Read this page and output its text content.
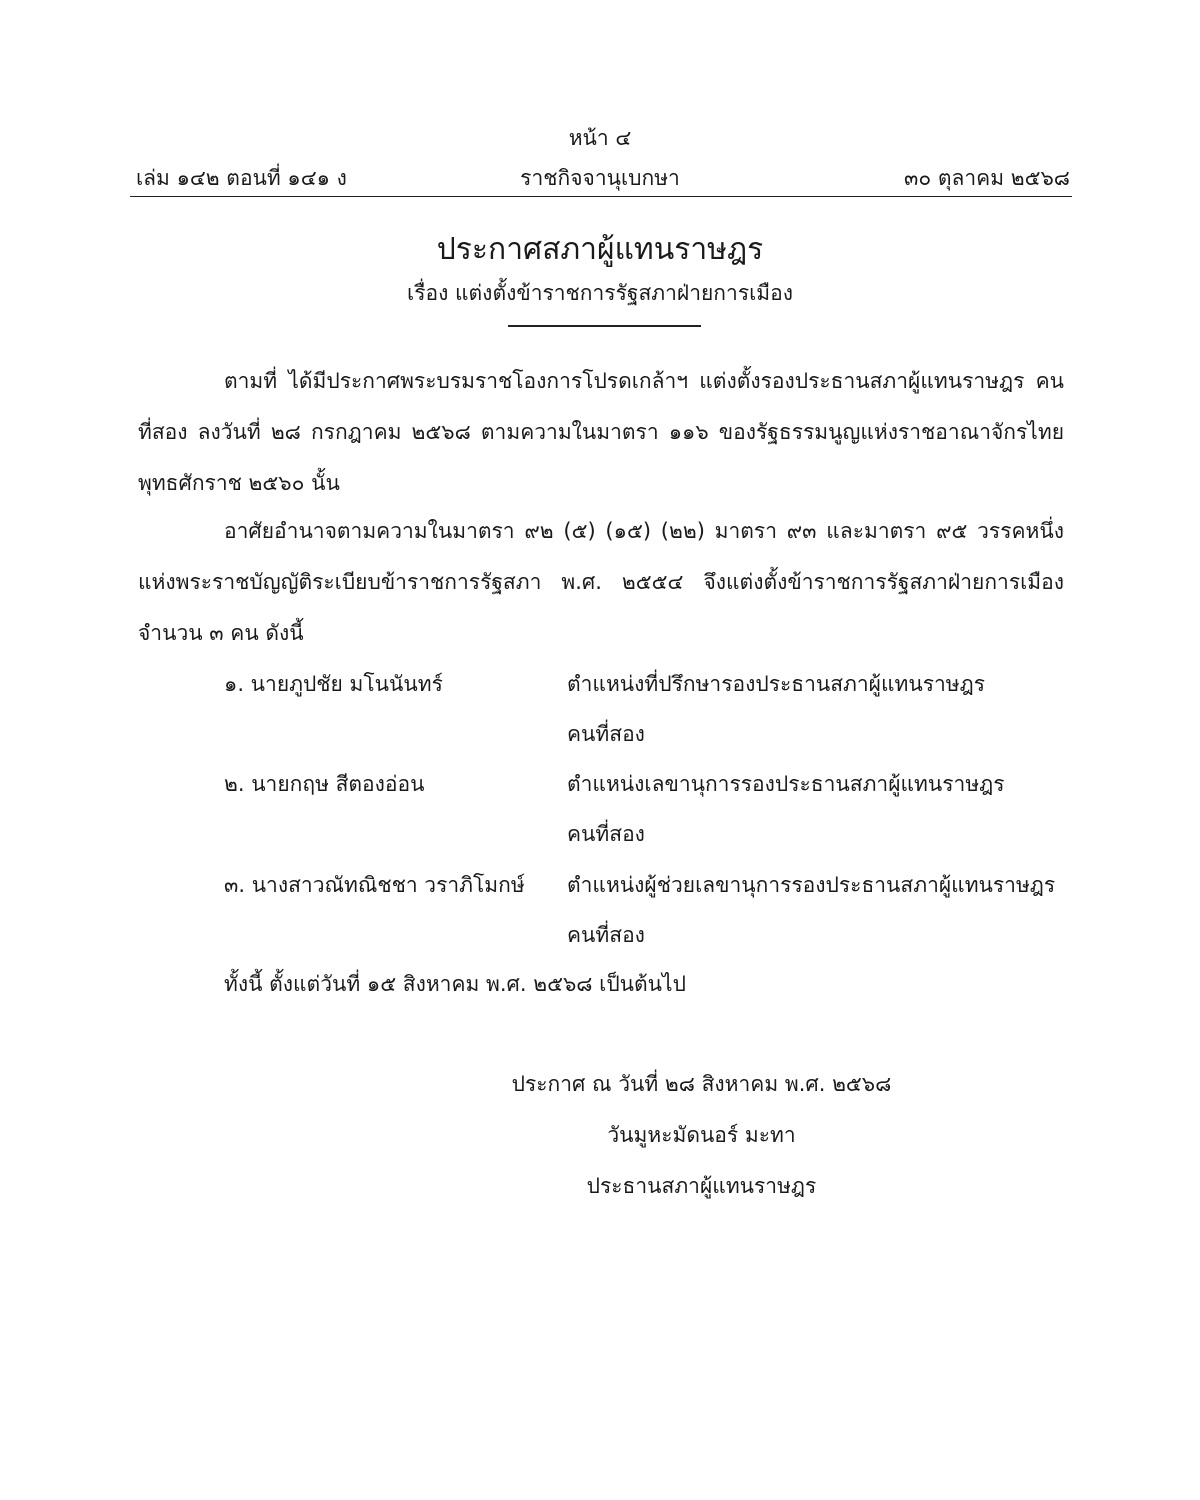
หน้า ๔
เล่ม ๑๔๒ ตอนที่ ๑๔๑ ง	ราชกิจจานุเบกษา	๓๐ ตุลาคม ๒๕๖๘
ประกาศสภาผู้แทนราษฎร
เรื่อง แต่งตั้งข้าราชการรัฐสภาฝ่ายการเมือง
ตามที่ ได้มีประกาศพระบรมราชโองการโปรดเกล้าฯ แต่งตั้งรองประธานสภาผู้แทนราษฎร คนที่สอง ลงวันที่ ๒๘ กรกฎาคม ๒๕๖๘ ตามความในมาตรา ๑๑๖ ของรัฐธรรมนูญแห่งราชอาณาจักรไทย พุทธศักราช ๒๕๖๐ นั้น
อาศัยอำนาจตามความในมาตรา ๙๒ (๕) (๑๕) (๒๒) มาตรา ๙๓ และมาตรา ๙๕ วรรคหนึ่ง แห่งพระราชบัญญัติระเบียบข้าราชการรัฐสภา พ.ศ. ๒๕๕๔ จึงแต่งตั้งข้าราชการรัฐสภาฝ่ายการเมือง จำนวน ๓ คน ดังนี้
๑. นายภูปชัย มโนนันทร์	ตำแหน่งที่ปรึกษารองประธานสภาผู้แทนราษฎร
คนที่สอง
๒. นายกฤษ สีตองอ่อน	ตำแหน่งเลขานุการรองประธานสภาผู้แทนราษฎร
คนที่สอง
๓. นางสาวณัทณิชชา วราภิโมกษ์ ตำแหน่งผู้ช่วยเลขานุการรองประธานสภาผู้แทนราษฎร
คนที่สอง
ทั้งนี้ ตั้งแต่วันที่ ๑๕ สิงหาคม พ.ศ. ๒๕๖๘ เป็นต้นไป
ประกาศ ณ วันที่ ๒๘ สิงหาคม พ.ศ. ๒๕๖๘
วันมูหะมัดนอร์ มะทา
ประธานสภาผู้แทนราษฎร
